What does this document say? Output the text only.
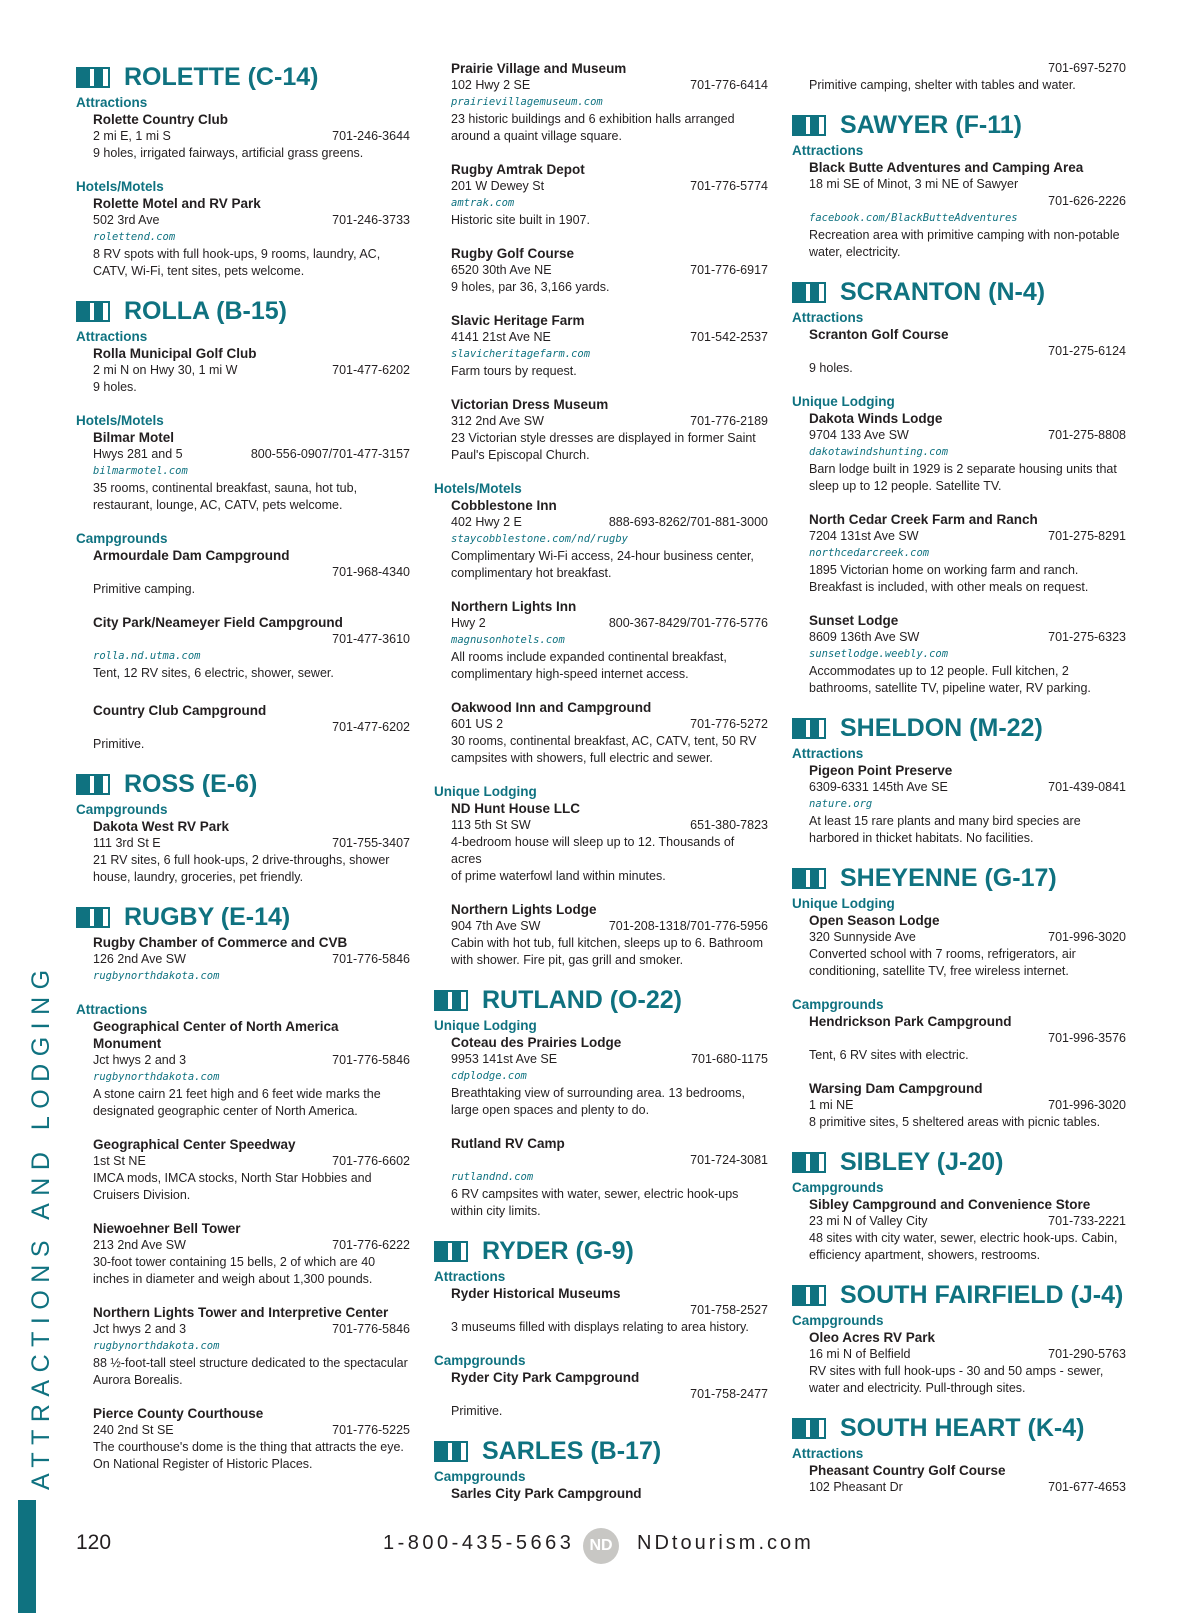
ATTRACTIONS AND LODGING
ROLETTE (C-14)
Attractions
Rolette Country Club
2 mi E, 1 mi S	701-246-3644
9 holes, irrigated fairways, artificial grass greens.
Hotels/Motels
Rolette Motel and RV Park
502 3rd Ave	701-246-3733
rolettend.com
8 RV spots with full hook-ups, 9 rooms, laundry, AC,
CATV, Wi-Fi, tent sites, pets welcome.
ROLLA (B-15)
Attractions
Rolla Municipal Golf Club
2 mi N on Hwy 30, 1 mi W	701-477-6202
9 holes.
Hotels/Motels
Bilmar Motel
Hwys 281 and 5	800-556-0907/701-477-3157
bilmarmotel.com
35 rooms, continental breakfast, sauna, hot tub,
restaurant, lounge, AC, CATV, pets welcome.
Campgrounds
Armourdale Dam Campground
701-968-4340
Primitive camping.
City Park/Neameyer Field Campground
701-477-3610
rolla.nd.utma.com
Tent, 12 RV sites, 6 electric, shower, sewer.
Country Club Campground
701-477-6202
Primitive.
ROSS (E-6)
Campgrounds
Dakota West RV Park
111 3rd St E	701-755-3407
21 RV sites, 6 full hook-ups, 2 drive-throughs, shower
house, laundry, groceries, pet friendly.
RUGBY (E-14)
Rugby Chamber of Commerce and CVB
126 2nd Ave SW	701-776-5846
rugbynorthdakota.com
Attractions
Geographical Center of North America
Monument
Jct hwys 2 and 3	701-776-5846
rugbynorthdakota.com
A stone cairn 21 feet high and 6 feet wide marks the
designated geographic center of North America.
Geographical Center Speedway
1st St NE	701-776-6602
IMCA mods, IMCA stocks, North Star Hobbies and
Cruisers Division.
Niewoehner Bell Tower
213 2nd Ave SW	701-776-6222
30-foot tower containing 15 bells, 2 of which are 40
inches in diameter and weigh about 1,300 pounds.
Northern Lights Tower and Interpretive Center
Jct hwys 2 and 3	701-776-5846
rugbynorthdakota.com
88 ½-foot-tall steel structure dedicated to the spectacular
Aurora Borealis.
Pierce County Courthouse
240 2nd St SE	701-776-5225
The courthouse's dome is the thing that attracts the eye.
On National Register of Historic Places.
Prairie Village and Museum
102 Hwy 2 SE	701-776-6414
prairievillagemuseum.com
23 historic buildings and 6 exhibition halls arranged
around a quaint village square.
Rugby Amtrak Depot
201 W Dewey St	701-776-5774
amtrak.com
Historic site built in 1907.
Rugby Golf Course
6520 30th Ave NE	701-776-6917
9 holes, par 36, 3,166 yards.
Slavic Heritage Farm
4141 21st Ave NE	701-542-2537
slavicheritagefarm.com
Farm tours by request.
Victorian Dress Museum
312 2nd Ave SW	701-776-2189
23 Victorian style dresses are displayed in former Saint
Paul's Episcopal Church.
Hotels/Motels
Cobblestone Inn
402 Hwy 2 E	888-693-8262/701-881-3000
staycobblestone.com/nd/rugby
Complimentary Wi-Fi access, 24-hour business center,
complimentary hot breakfast.
Northern Lights Inn
Hwy 2	800-367-8429/701-776-5776
magnusonhotels.com
All rooms include expanded continental breakfast,
complimentary high-speed internet access.
Oakwood Inn and Campground
601 US 2	701-776-5272
30 rooms, continental breakfast, AC, CATV, tent, 50 RV
campsites with showers, full electric and sewer.
Unique Lodging
ND Hunt House LLC
113 5th St SW	651-380-7823
4-bedroom house will sleep up to 12. Thousands of acres
of prime waterfowl land within minutes.
Northern Lights Lodge
904 7th Ave SW	701-208-1318/701-776-5956
Cabin with hot tub, full kitchen, sleeps up to 6. Bathroom
with shower. Fire pit, gas grill and smoker.
RUTLAND (O-22)
Unique Lodging
Coteau des Prairies Lodge
9953 141st Ave SE	701-680-1175
cdplodge.com
Breathtaking view of surrounding area. 13 bedrooms,
large open spaces and plenty to do.
Rutland RV Camp
701-724-3081
rutlandnd.com
6 RV campsites with water, sewer, electric hook-ups
within city limits.
RYDER (G-9)
Attractions
Ryder Historical Museums
701-758-2527
3 museums filled with displays relating to area history.
Campgrounds
Ryder City Park Campground
701-758-2477
Primitive.
SARLES (B-17)
Campgrounds
Sarles City Park Campground
701-697-5270
Primitive camping, shelter with tables and water.
SAWYER (F-11)
Attractions
Black Butte Adventures and Camping Area
18 mi SE of Minot, 3 mi NE of Sawyer
701-626-2226
facebook.com/BlackButteAdventures
Recreation area with primitive camping with non-potable
water, electricity.
SCRANTON (N-4)
Attractions
Scranton Golf Course
701-275-6124
9 holes.
Unique Lodging
Dakota Winds Lodge
9704 133 Ave SW	701-275-8808
dakotawindshunting.com
Barn lodge built in 1929 is 2 separate housing units that
sleep up to 12 people. Satellite TV.
North Cedar Creek Farm and Ranch
7204 131st Ave SW	701-275-8291
northcedarcreek.com
1895 Victorian home on working farm and ranch.
Breakfast is included, with other meals on request.
Sunset Lodge
8609 136th Ave SW	701-275-6323
sunsetlodge.weebly.com
Accommodates up to 12 people. Full kitchen, 2
bathrooms, satellite TV, pipeline water, RV parking.
SHELDON (M-22)
Attractions
Pigeon Point Preserve
6309-6331 145th Ave SE	701-439-0841
nature.org
At least 15 rare plants and many bird species are
harbored in thicket habitats. No facilities.
SHEYENNE (G-17)
Unique Lodging
Open Season Lodge
320 Sunnyside Ave	701-996-3020
Converted school with 7 rooms, refrigerators, air
conditioning, satellite TV, free wireless internet.
Campgrounds
Hendrickson Park Campground
701-996-3576
Tent, 6 RV sites with electric.
Warsing Dam Campground
1 mi NE	701-996-3020
8 primitive sites, 5 sheltered areas with picnic tables.
SIBLEY (J-20)
Campgrounds
Sibley Campground and Convenience Store
23 mi N of Valley City	701-733-2221
48 sites with city water, sewer, electric hook-ups. Cabin,
efficiency apartment, showers, restrooms.
SOUTH FAIRFIELD (J-4)
Campgrounds
Oleo Acres RV Park
16 mi N of Belfield	701-290-5763
RV sites with full hook-ups - 30 and 50 amps - sewer,
water and electricity. Pull-through sites.
SOUTH HEART (K-4)
Attractions
Pheasant Country Golf Course
102 Pheasant Dr	701-677-4653
120	1-800-435-5663 ND	NDtourism.com
